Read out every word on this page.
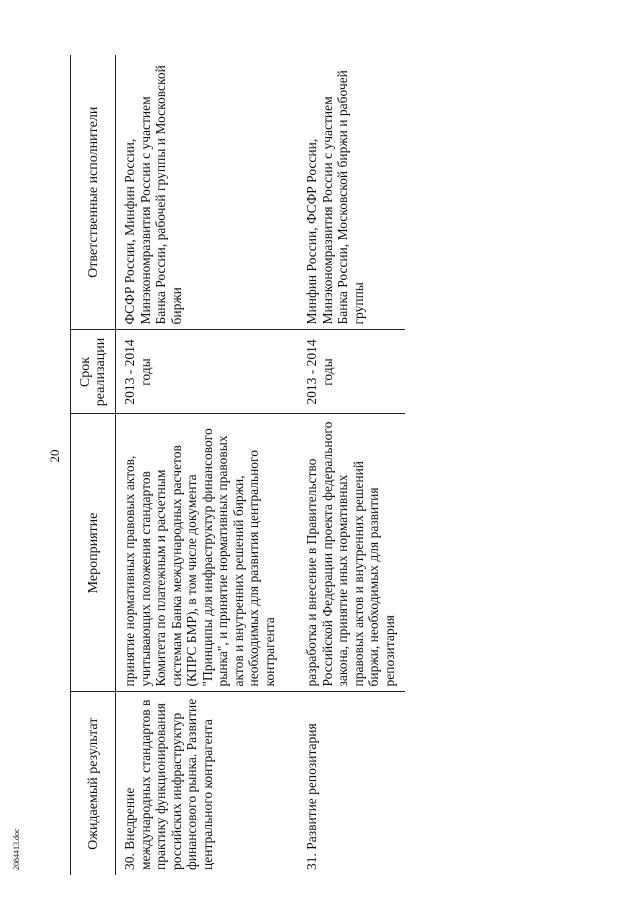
20
Ожидаемый результат	Мероприятие	Срок реализации	Ответственные исполнители
30. Внедрение международных стандартов в практику функционирования российских инфраструктур финансового рынка. Развитие центрального контрагента	принятие нормативных правовых актов, учитывающих положения стандартов Комитета по платежным и расчетным системам Банка международных расчетов (КПРС БМР), в том числе документа "Принципы для инфраструктур финансового рынка", и принятие нормативных правовых актов и внутренних решений биржи, необходимых для развития центрального контрагента	2013 - 2014 годы	ФСФР России, Минфин России, Минэкономразвития России с участием Банка России, рабочей группы и Московской биржи
31. Развитие репозитария	разработка и внесение в Правительство Российской Федерации проекта федерального закона, принятие иных нормативных правовых актов и внутренних решений биржи, необходимых для развития репозитария	2013 - 2014 годы	Минфин России, ФСФР России, Минэкономразвития России с участием Банка России, Московской биржи и рабочей группы
2084413.doc
